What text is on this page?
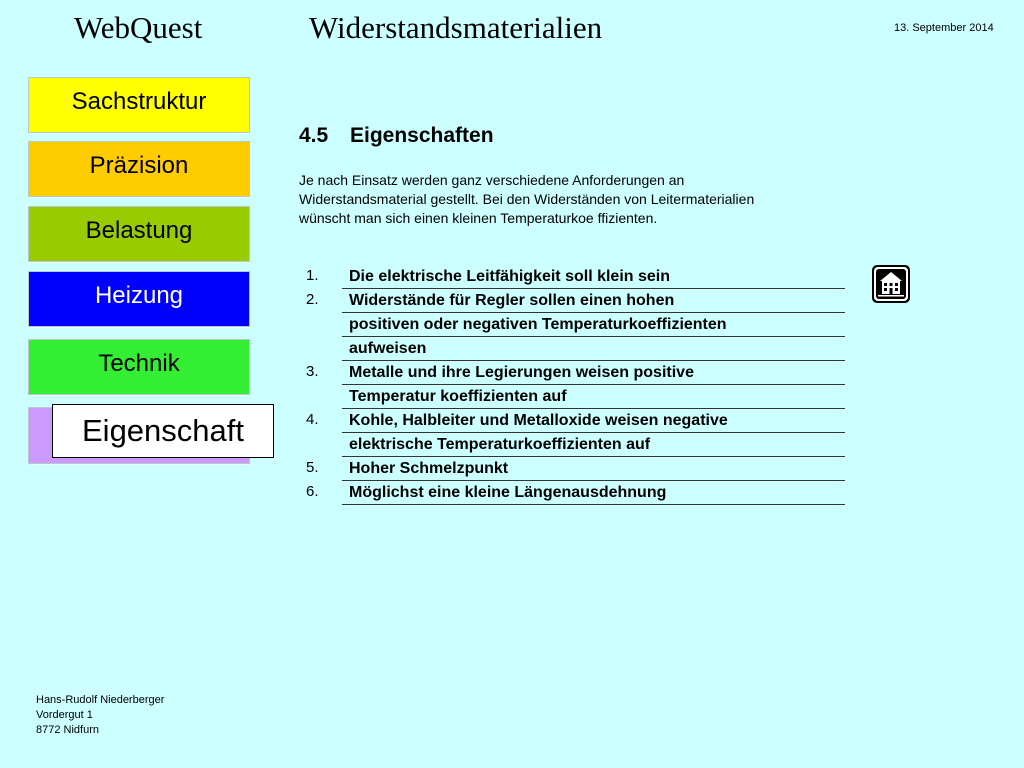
WebQuest	Widerstandsmaterialien	13. September 2014
Sachstruktur
Präzision
Belastung
Heizung
Technik
Eigenschaft
4.5 Eigenschaften
Je nach Einsatz werden ganz verschiedene Anforderungen an
Widerstandsmaterial gestellt. Bei den Widerständen von Leitermaterialien
wünscht man sich einen kleinen Temperaturkoe ffizienten.
1.	Die elektrische Leitfähigkeit soll klein sein
2.	Widerstände für Regler sollen einen hohen
positiven oder negativen Temperaturkoeffizienten
aufweisen
3.	Metalle und ihre Legierungen weisen positive
Temperatur koeffizienten auf
4.	Kohle, Halbleiter und Metalloxide weisen negative
elektrische Temperaturkoeffizienten auf
5.	Hoher Schmelzpunkt
6.	Möglichst eine kleine Längenausdehnung
Hans-Rudolf Niederberger
Vordergut 1
8772 Nidfurn
